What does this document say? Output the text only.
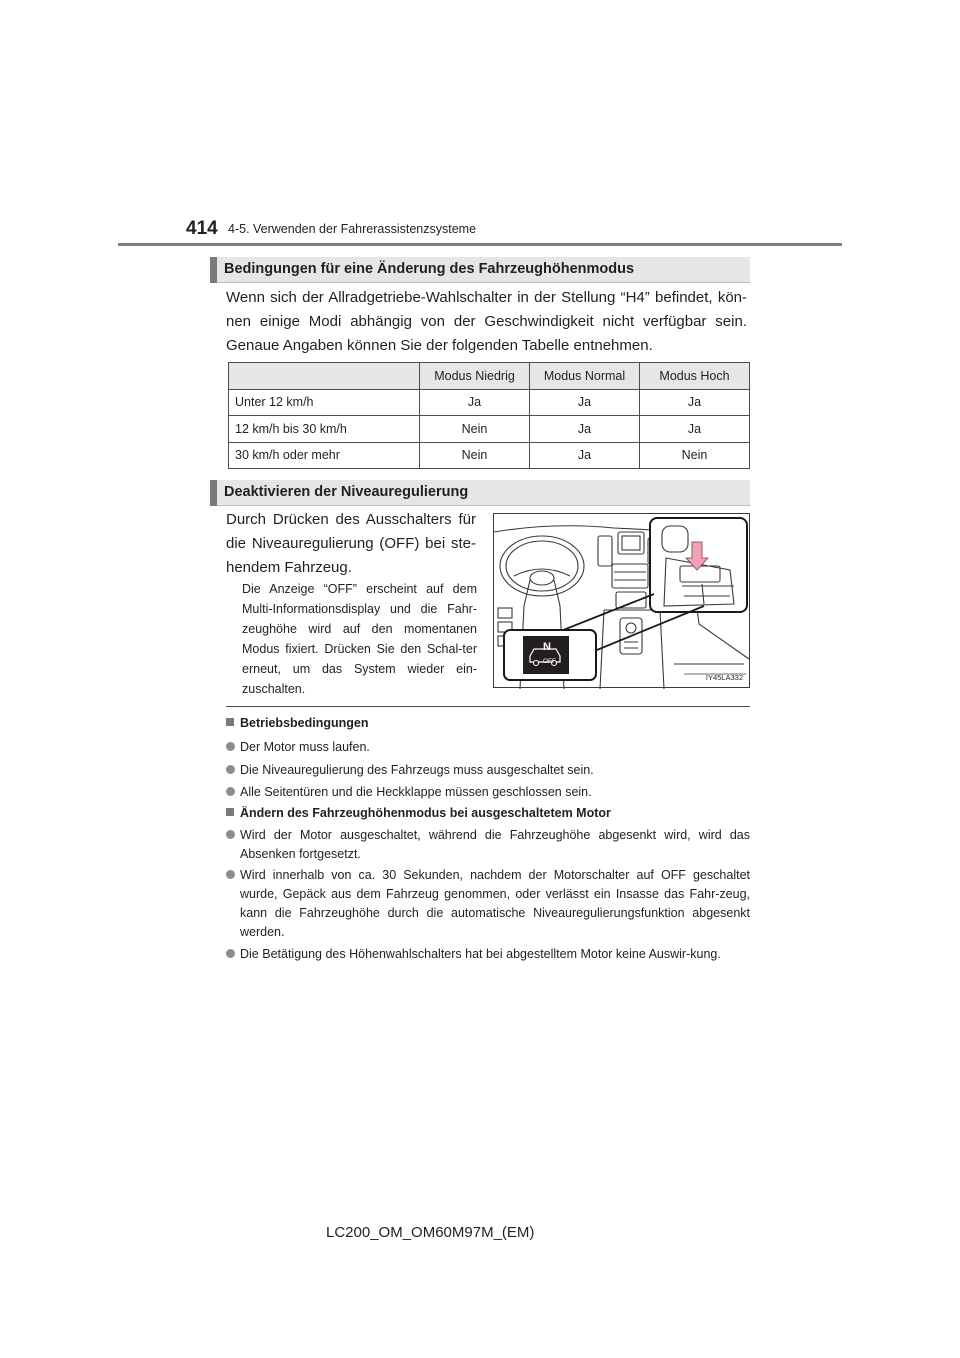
414 4-5. Verwenden der Fahrerassistenzsysteme
Bedingungen für eine Änderung des Fahrzeughöhenmodus

Wenn sich der Allradgetriebe-Wahlschalter in der Stellung “H4” befindet, kön-nen einige Modi abhängig von der Geschwindigkeit nicht verfügbar sein. Genaue Angaben können Sie der folgenden Tabelle entnehmen.

	Modus Niedrig	Modus Normal	Modus Hoch
Unter 12 km/h	Ja	Ja	Ja
12 km/h bis 30 km/h	Nein	Ja	Ja
30 km/h oder mehr	Nein	Ja	Nein
Deaktivieren der Niveauregulierung

Durch Drücken des Ausschalters für die Niveauregulierung (OFF) bei ste-hendem Fahrzeug.

Die Anzeige “OFF” erscheint auf dem Multi-Informationsdisplay und die Fahr-zeughöhe wird auf den momentanen Modus fixiert. Drücken Sie den Schal-ter erneut, um das System wieder ein-zuschalten.

N
OFF
IY45LA332
Betriebsbedingungen
Der Motor muss laufen.
Die Niveauregulierung des Fahrzeugs muss ausgeschaltet sein.
Alle Seitentüren und die Heckklappe müssen geschlossen sein.
Ändern des Fahrzeughöhenmodus bei ausgeschaltetem Motor
Wird der Motor ausgeschaltet, während die Fahrzeughöhe abgesenkt wird, wird das Absenken fortgesetzt.
Wird innerhalb von ca. 30 Sekunden, nachdem der Motorschalter auf OFF geschaltet wurde, Gepäck aus dem Fahrzeug genommen, oder verlässt ein Insasse das Fahr-zeug, kann die Fahrzeughöhe durch die automatische Niveauregulierungsfunktion abgesenkt werden.
Die Betätigung des Höhenwahlschalters hat bei abgestelltem Motor keine Auswir-kung.
LC200_OM_OM60M97M_(EM)
